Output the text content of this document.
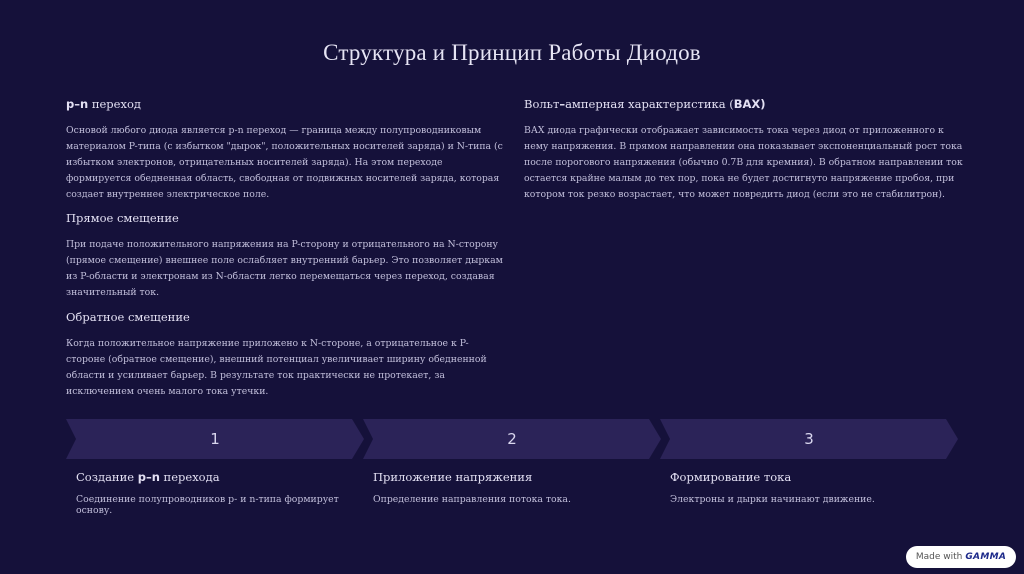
Структура и Принцип Работы Диодов

p–n переход

Основой любого диода является p-n переход — граница между полупроводниковым материалом P-типа (с избытком "дырок", положительных носителей заряда) и N-типа (с избытком электронов, отрицательных носителей заряда). На этом переходе формируется обедненная область, свободная от подвижных носителей заряда, которая создает внутреннее электрическое поле.

Прямое смещение

При подаче положительного напряжения на P-сторону и отрицательного на N-сторону (прямое смещение) внешнее поле ослабляет внутренний барьер. Это позволяет дыркам из P-области и электронам из N-области легко перемещаться через переход, создавая значительный ток.

Обратное смещение

Когда положительное напряжение приложено к N-стороне, а отрицательное к P-стороне (обратное смещение), внешний потенциал увеличивает ширину обедненной области и усиливает барьер. В результате ток практически не протекает, за исключением очень малого тока утечки.

Вольт–амперная характеристика (ВАХ)

ВАХ диода графически отображает зависимость тока через диод от приложенного к нему напряжения. В прямом направлении она показывает экспоненциальный рост тока после порогового напряжения (обычно 0.7В для кремния). В обратном направлении ток остается крайне малым до тех пор, пока не будет достигнуто напряжение пробоя, при котором ток резко возрастает, что может повредить диод (если это не стабилитрон).

1	2	3

Создание p–n перехода

Соединение полупроводников p- и n-типа формирует основу.

Приложение напряжения

Определение направления потока тока.

Формирование тока

Электроны и дырки начинают движение.

Made with GAMMA
